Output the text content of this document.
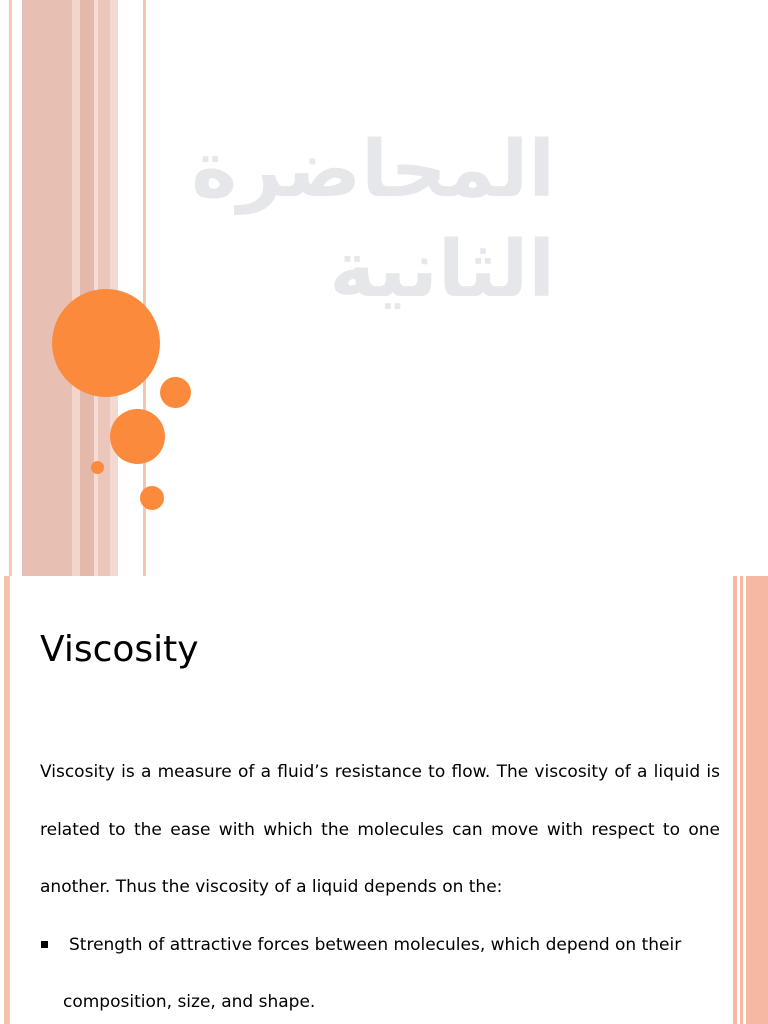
المحاضرة الثانية
Viscosity

Viscosity is a measure of a fluid’s resistance to flow. The viscosity of a liquid is related to the ease with which the molecules can move with respect to one another. Thus the viscosity of a liquid depends on the:

Strength of attractive forces between molecules, which depend on their composition, size, and shape.
